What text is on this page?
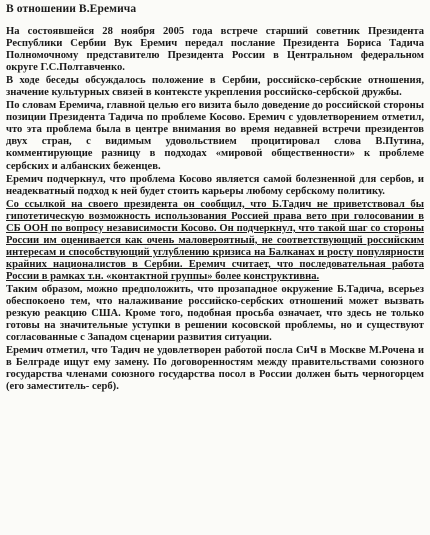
В отношении В.Еремича

На состоявшейся 28 ноября 2005 года встрече старший советник Президента Республики Сербии Вук Еремич передал послание Президента Бориса Тадича Полномочному представителю Президента России в Центральном федеральном округе Г.С.Полтавченко.

В ходе беседы обсуждалось положение в Сербии, российско-сербские отношения, значение культурных связей в контексте укрепления российско-сербской дружбы.

По словам Еремича, главной целью его визита было доведение до российской стороны позиции Президента Тадича по проблеме Косово. Еремич с удовлетворением отметил, что эта проблема была в центре внимания во время недавней встречи президентов двух стран, с видимым удовольствием процитировал слова В.Путина, комментирующие разницу в подходах «мировой общественности» к проблеме сербских и албанских беженцев.

Еремич подчеркнул, что проблема Косово является самой болезненной для сербов, и неадекватный подход к ней будет стоить карьеры любому сербскому политику.

Со ссылкой на своего президента он сообщил, что Б.Тадич не приветствовал бы гипотетическую возможность использования Россией права вето при голосовании в СБ ООН по вопросу независимости Косово. Он подчеркнул, что такой шаг со стороны России им оценивается как очень маловероятный, не соответствующий российским интересам и способствующий углублению кризиса на Балканах и росту популярности крайних националистов в Сербии. Еремич считает, что последовательная работа России в рамках т.н. «контактной группы» более конструктивна.

Таким образом, можно предположить, что прозападное окружение Б.Тадича, всерьез обеспокоено тем, что налаживание российско-сербских отношений может вызвать резкую реакцию США. Кроме того, подобная просьба означает, что здесь не только готовы на значительные уступки в решении косовской проблемы, но и существуют согласованные с Западом сценарии развития ситуации.

Еремич отметил, что Тадич не удовлетворен работой посла СиЧ в Москве М.Рочена и в Белграде ищут ему замену. По договоренностям между правительствами союзного государства членами союзного государства посол в России должен быть черногорцем (его заместитель- серб).
